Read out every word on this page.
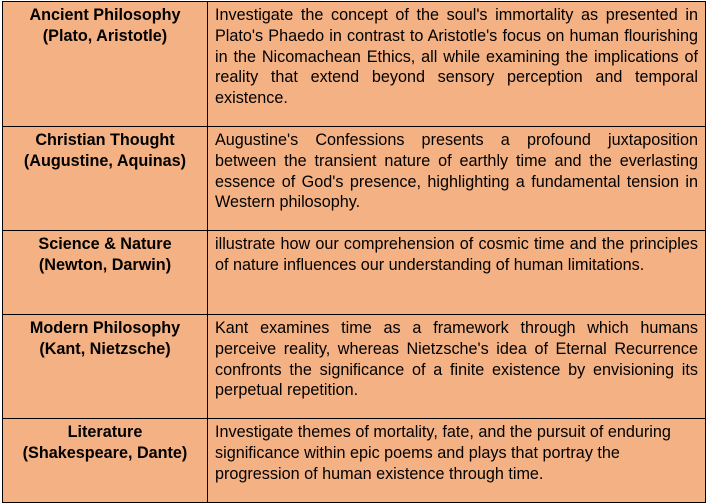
Ancient Philosophy
(Plato, Aristotle)	Investigate the concept of the soul's immortality as presented in Plato's Phaedo in contrast to Aristotle's focus on human flourishing in the Nicomachean Ethics, all while examining the implications of reality that extend beyond sensory perception and temporal existence.

Christian Thought
(Augustine, Aquinas)	Augustine's Confessions presents a profound juxtaposition between the transient nature of earthly time and the everlasting essence of God's presence, highlighting a fundamental tension in Western philosophy.

Science & Nature
(Newton, Darwin)	illustrate how our comprehension of cosmic time and the principles of nature influences our understanding of human limitations.

Modern Philosophy
(Kant, Nietzsche)	Kant examines time as a framework through which humans perceive reality, whereas Nietzsche's idea of Eternal Recurrence confronts the significance of a finite existence by envisioning its perpetual repetition.

Literature
(Shakespeare, Dante)	Investigate themes of mortality, fate, and the pursuit of enduring significance within epic poems and plays that portray the progression of human existence through time.
